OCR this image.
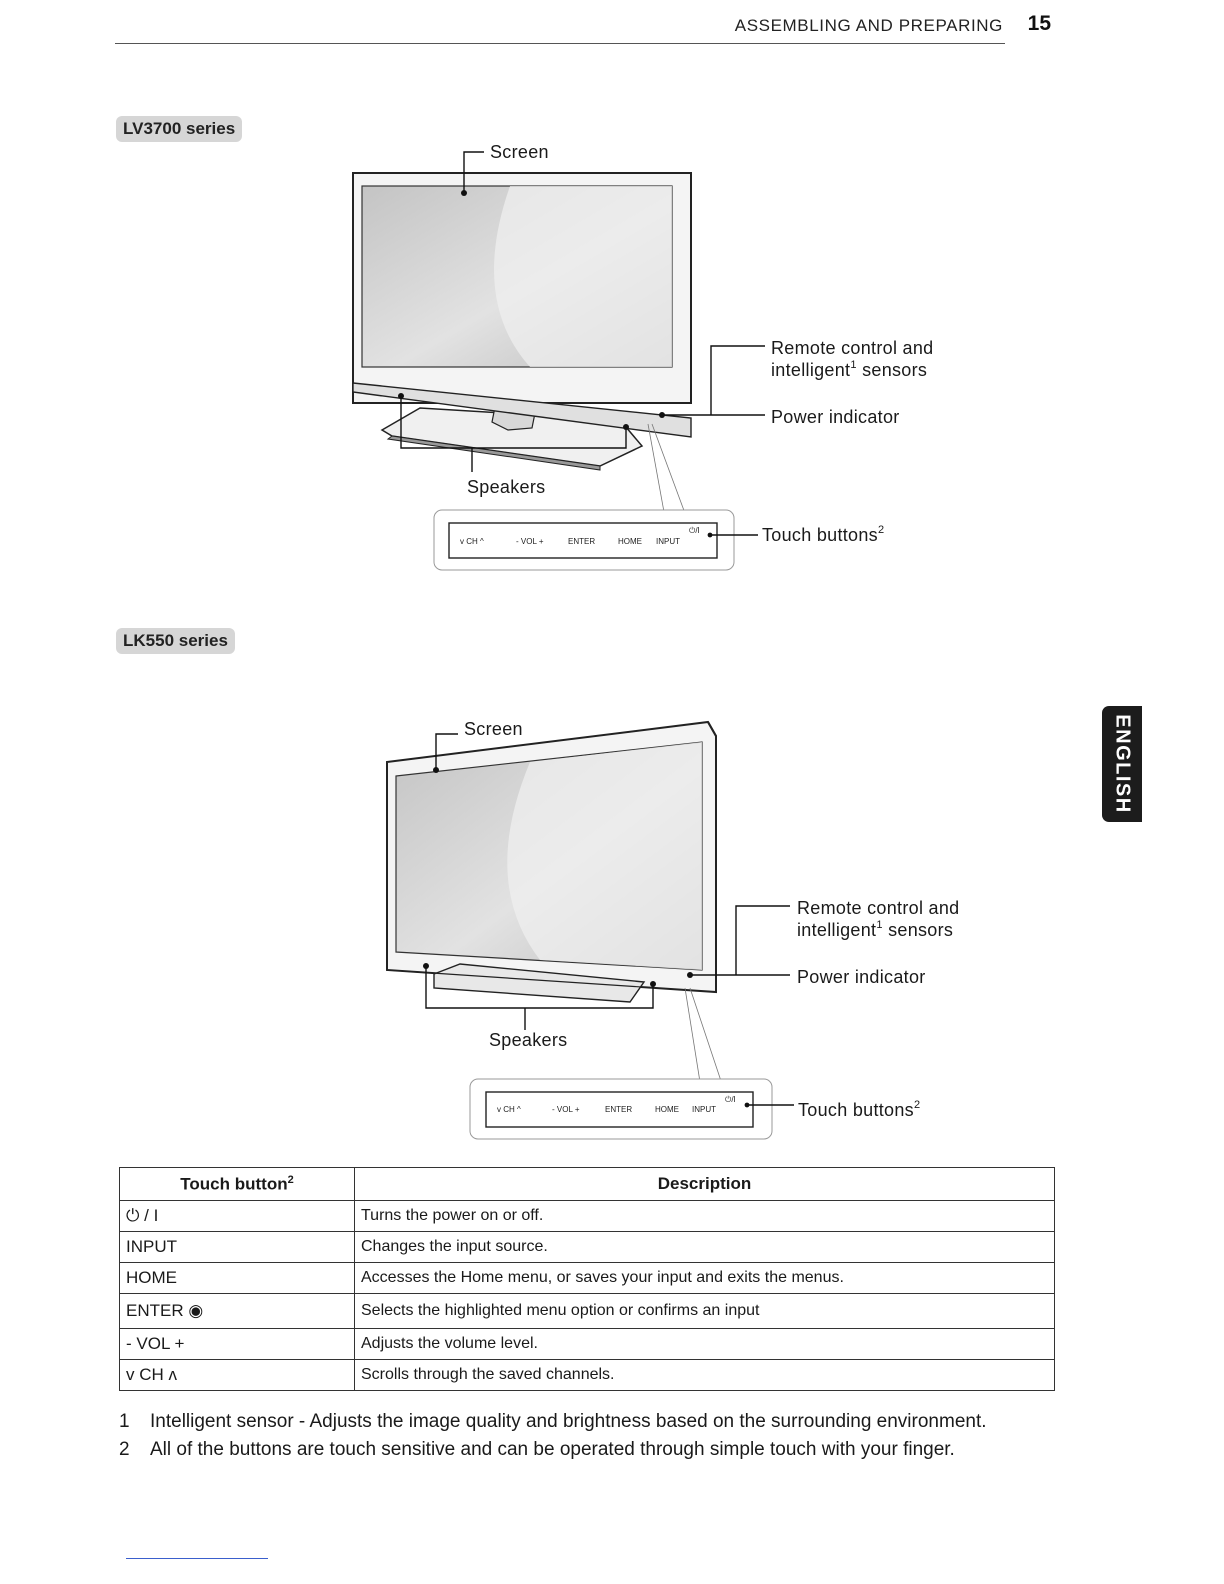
ASSEMBLING AND PREPARING 15
ENGLISH
LV3700 series
LK550 series
Screen
Remote control and
intelligent$^1$ sensors
Power indicator
Speakers
v CH ^	- VOL +	ENTER	HOME INPUT
⏻/I	Touch buttons$^2$
Screen
Remote control and
intelligent$^1$ sensors
Power indicator
Speakers
v CH ^	- VOL +	ENTER	HOME INPUT
⏻/I
Touch buttons$^2$
Touch button$^2$	Description
⏻ / I	Turns the power on or off.
INPUT	Changes the input source.
HOME	Accesses the Home menu, or saves your input and exits the menus.
ENTER ◉	Selects the highlighted menu option or confirms an input
- VOL +	Adjusts the volume level.
v CH ʌ	Scrolls through the saved channels.
1	Intelligent sensor - Adjusts the image quality and brightness based on the surrounding environment.
2	All of the buttons are touch sensitive and can be operated through simple touch with your finger.
